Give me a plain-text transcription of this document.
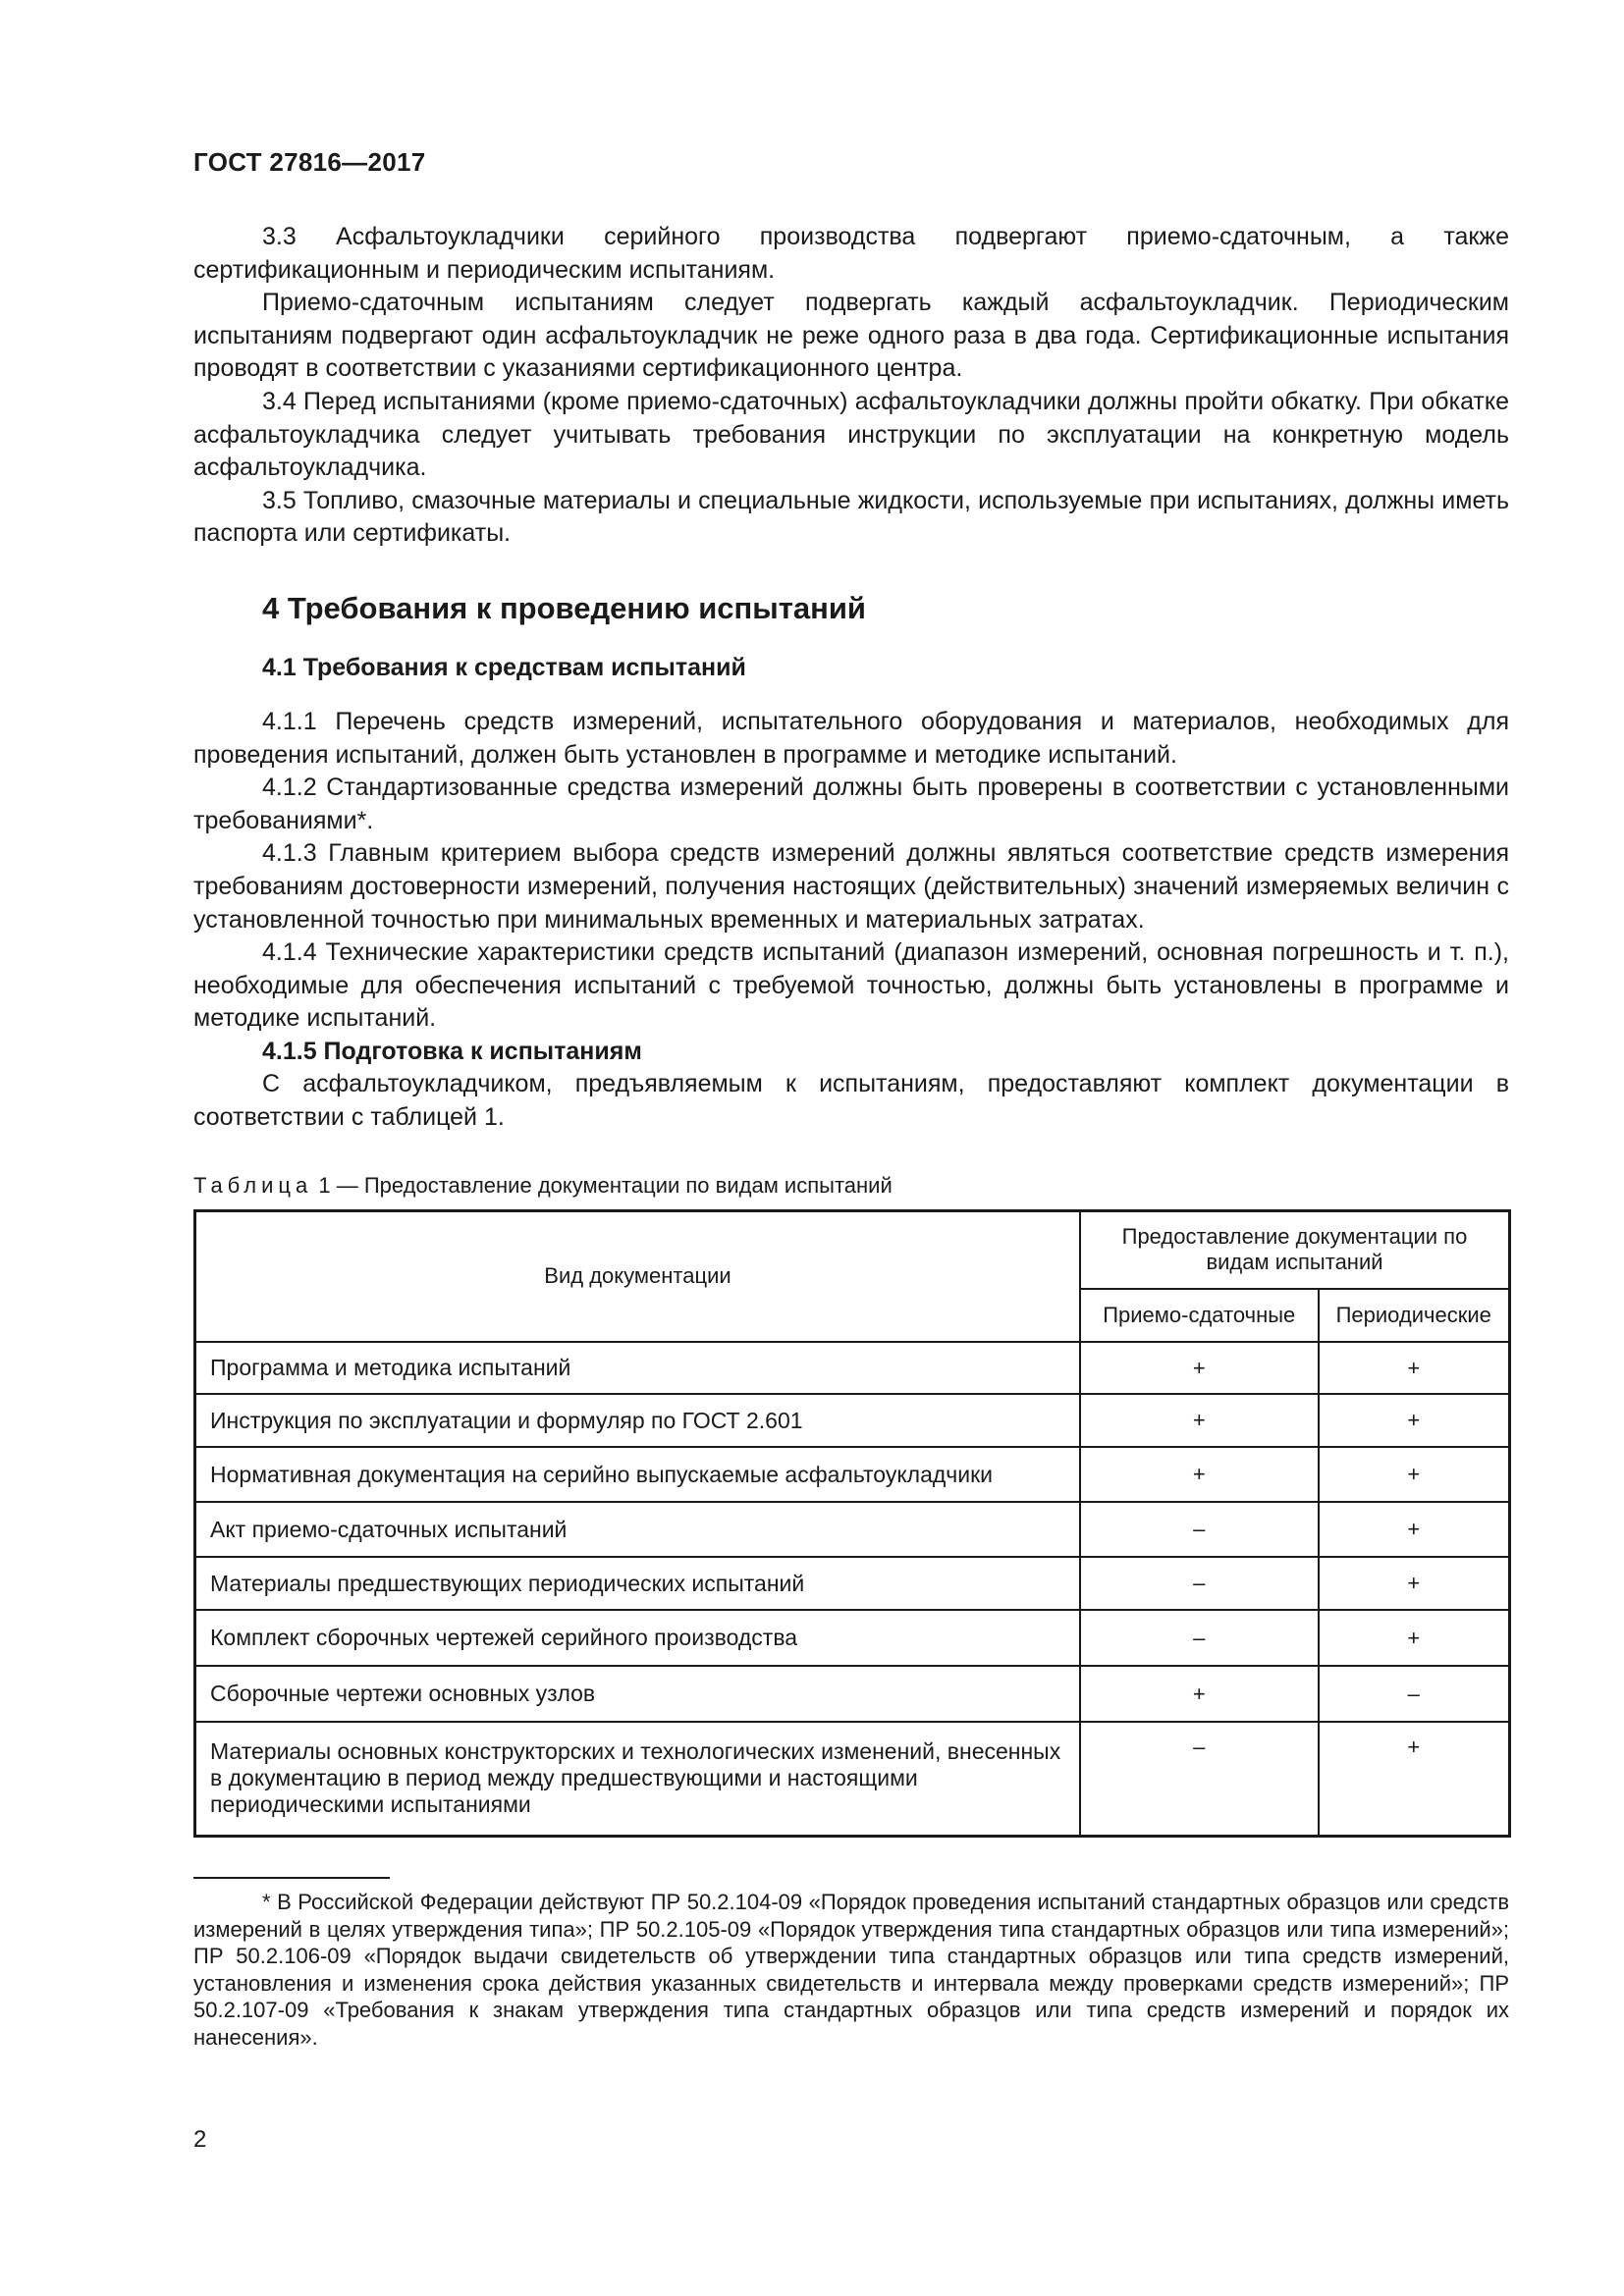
ГОСТ 27816—2017

3.3 Асфальтоукладчики серийного производства подвергают приемо-сдаточным, а также сертификационным и периодическим испытаниям.

Приемо-сдаточным испытаниям следует подвергать каждый асфальтоукладчик. Периодическим испытаниям подвергают один асфальтоукладчик не реже одного раза в два года. Сертификационные испытания проводят в соответствии с указаниями сертификационного центра.

3.4 Перед испытаниями (кроме приемо-сдаточных) асфальтоукладчики должны пройти обкатку. При обкатке асфальтоукладчика следует учитывать требования инструкции по эксплуатации на конкретную модель асфальтоукладчика.

3.5 Топливо, смазочные материалы и специальные жидкости, используемые при испытаниях, должны иметь паспорта или сертификаты.

4 Требования к проведению испытаний
4.1 Требования к средствам испытаний

4.1.1 Перечень средств измерений, испытательного оборудования и материалов, необходимых для проведения испытаний, должен быть установлен в программе и методике испытаний.

4.1.2 Стандартизованные средства измерений должны быть проверены в соответствии с установленными требованиями*.

4.1.3 Главным критерием выбора средств измерений должны являться соответствие средств измерения требованиям достоверности измерений, получения настоящих (действительных) значений измеряемых величин с установленной точностью при минимальных временных и материальных затратах.

4.1.4 Технические характеристики средств испытаний (диапазон измерений, основная погрешность и т. п.), необходимые для обеспечения испытаний с требуемой точностью, должны быть установлены в программе и методике испытаний.

4.1.5 Подготовка к испытаниям

С асфальтоукладчиком, предъявляемым к испытаниям, предоставляют комплект документации в соответствии с таблицей 1.

Таблица 1 — Предоставление документации по видам испытаний
Вид документации	Предоставление документации по видам испытаний	
	Приемо-сдаточные	Периодические
Программа и методика испытаний	+	+
Инструкция по эксплуатации и формуляр по ГОСТ 2.601	+	+
Нормативная документация на серийно выпускаемые асфальтоукладчики	+	+
Акт приемо-сдаточных испытаний	–	+
Материалы предшествующих периодических испытаний	–	+
Комплект сборочных чертежей серийного производства	–	+
Сборочные чертежи основных узлов	+	–
Материалы основных конструкторских и технологических изменений, внесенных в документацию в период между предшествующими и настоящими периодическими испытаниями	–	+

* В Российской Федерации действуют ПР 50.2.104-09 «Порядок проведения испытаний стандартных образцов или средств измерений в целях утверждения типа»; ПР 50.2.105-09 «Порядок утверждения типа стандартных образцов или типа измерений»; ПР 50.2.106-09 «Порядок выдачи свидетельств об утверждении типа стандартных образцов или типа средств измерений, установления и изменения срока действия указанных свидетельств и интервала между проверками средств измерений»; ПР 50.2.107-09 «Требования к знакам утверждения типа стандартных образцов или типа средств измерений и порядок их нанесения».

2
